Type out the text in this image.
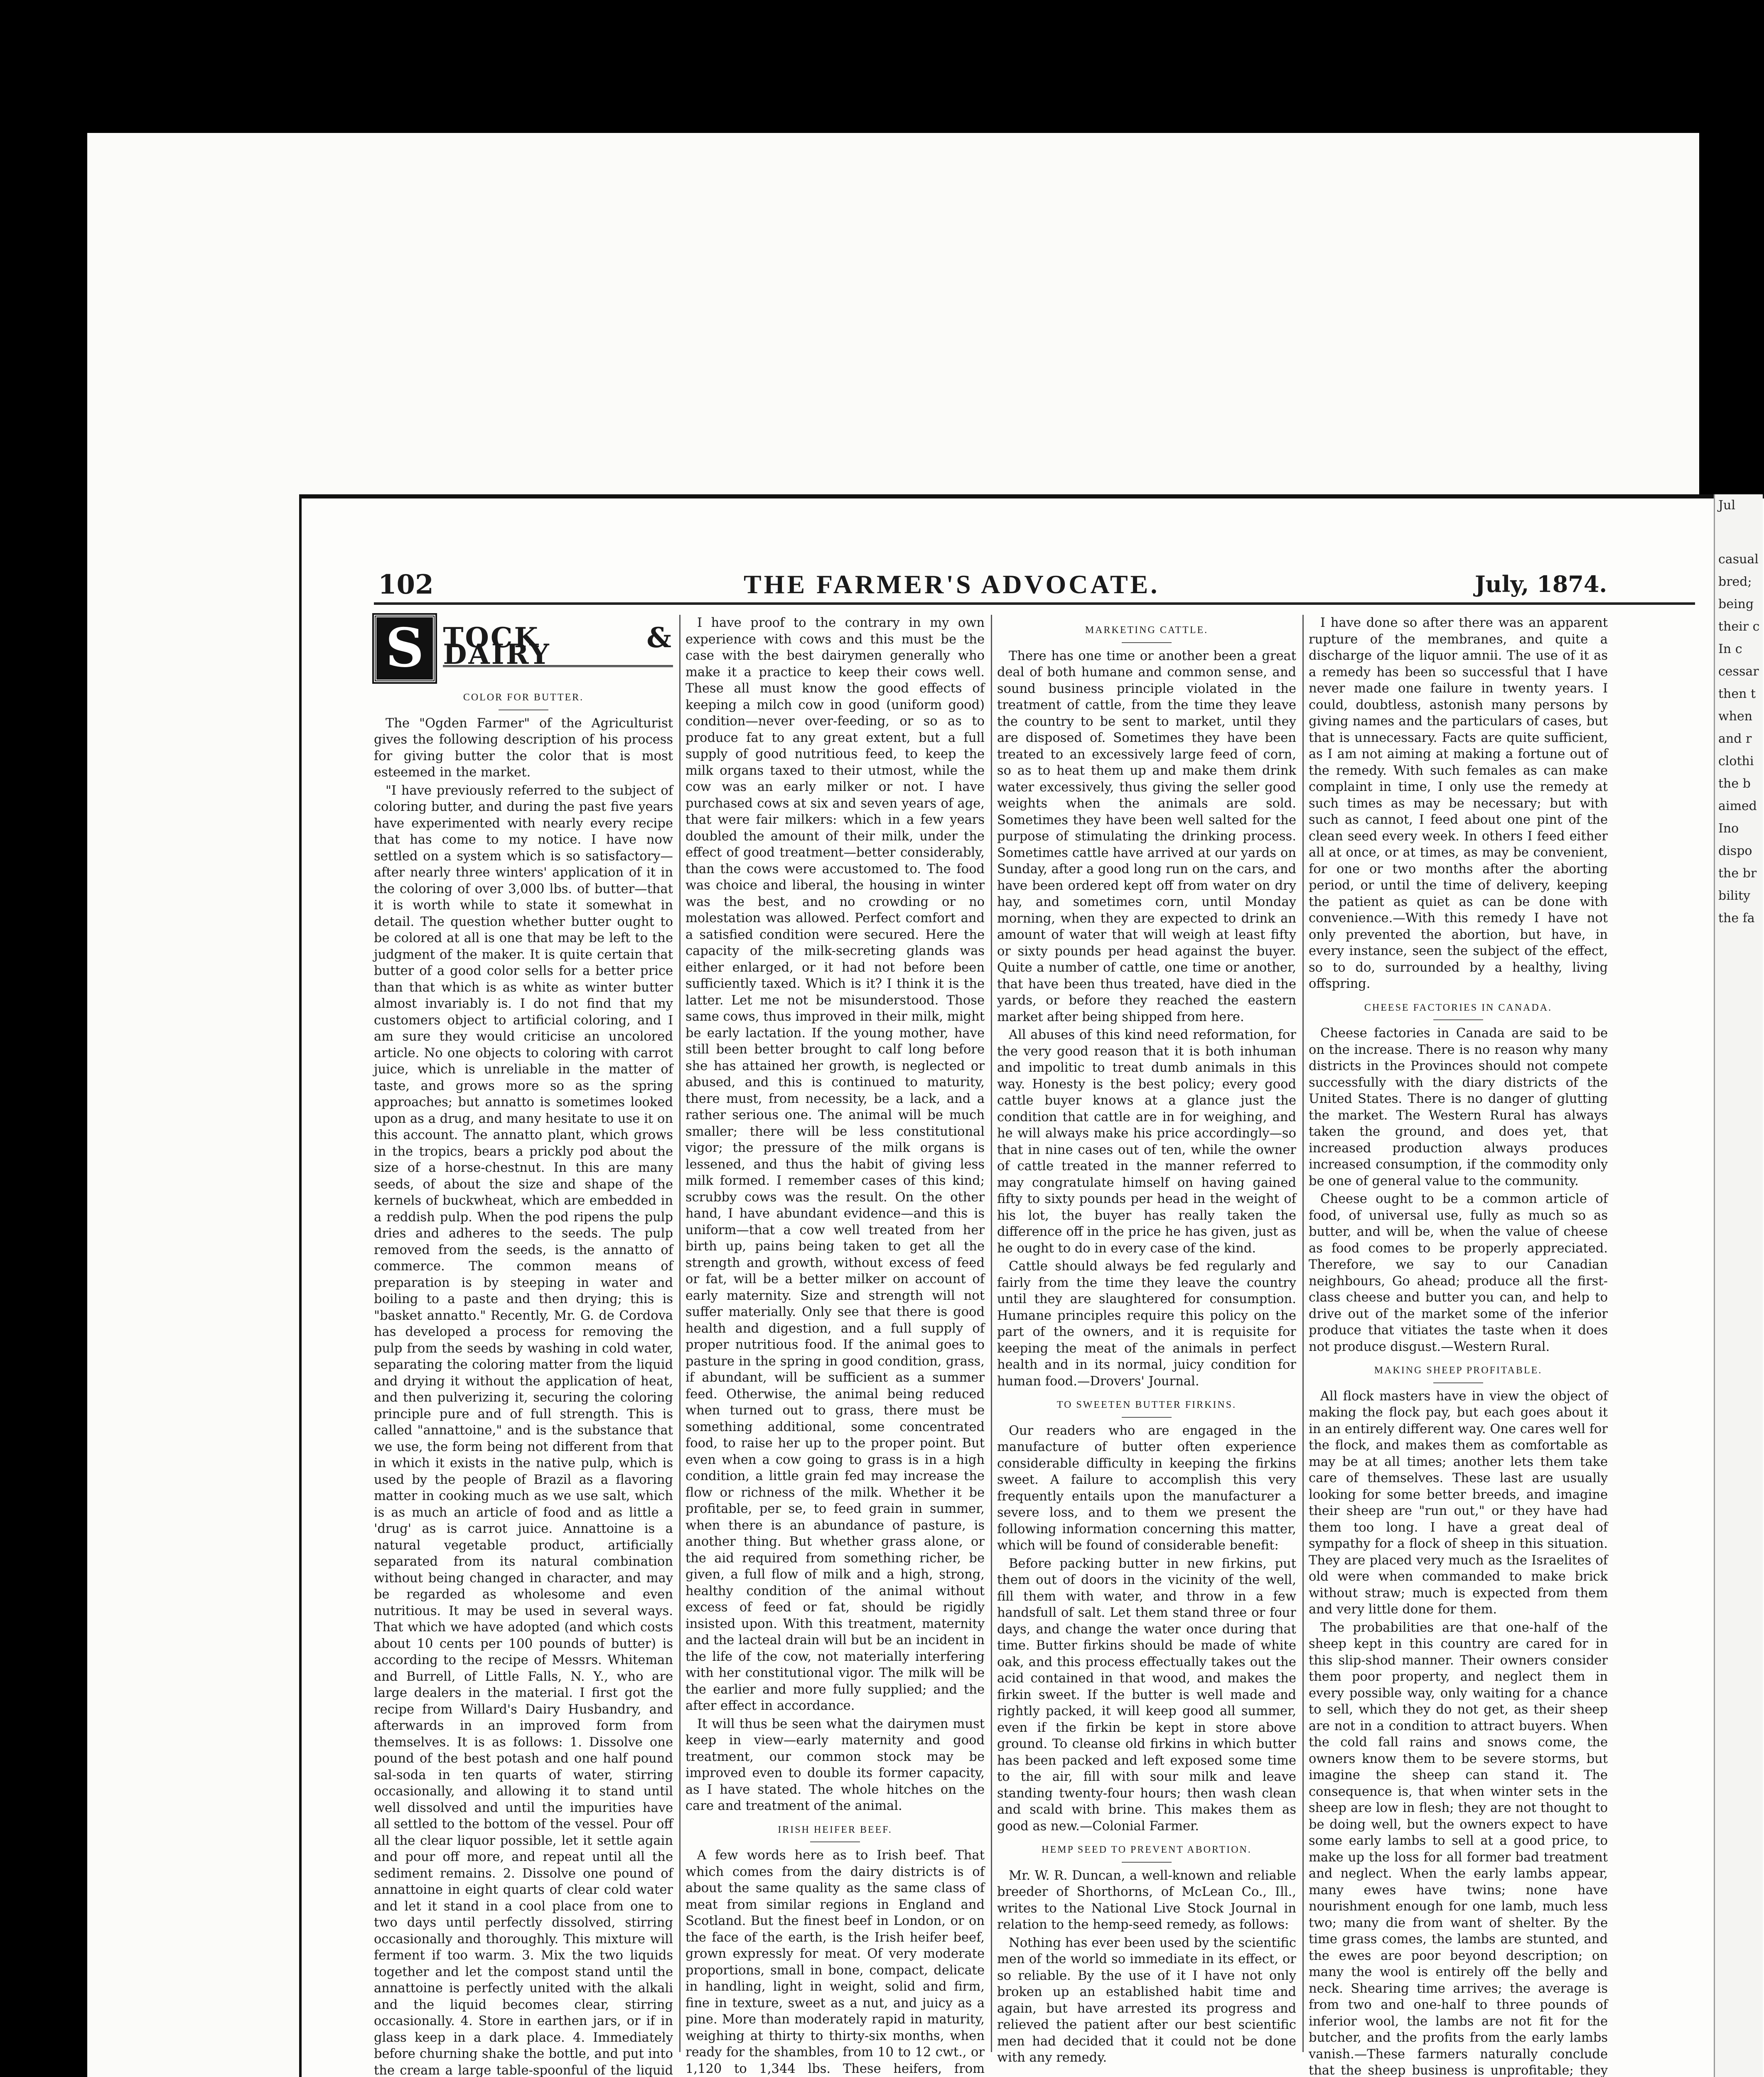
Jul
casual
bred;
being
their c
In c
cessar
then t
when
and r
clothi
the b
aimed
Ino
dispo
the br
bility
the fa
102	THE FARMER'S ADVOCATE.	July, 1874.
S TOCK & DAIRY
COLOR FOR BUTTER.

The "Ogden Farmer" of the Agriculturist gives the following description of his process for giving butter the color that is most esteemed in the market.

"I have previously referred to the subject of coloring butter, and during the past five years have experimented with nearly every recipe that has come to my notice. I have now settled on a system which is so satisfactory—after nearly three winters' application of it in the coloring of over 3,000 lbs. of butter—that it is worth while to state it somewhat in detail. The question whether butter ought to be colored at all is one that may be left to the judgment of the maker. It is quite certain that butter of a good color sells for a better price than that which is as white as winter butter almost invariably is. I do not find that my customers object to artificial coloring, and I am sure they would criticise an uncolored article. No one objects to coloring with carrot juice, which is unreliable in the matter of taste, and grows more so as the spring approaches; but annatto is sometimes looked upon as a drug, and many hesitate to use it on this account. The annatto plant, which grows in the tropics, bears a prickly pod about the size of a horse-chestnut. In this are many seeds, of about the size and shape of the kernels of buckwheat, which are embedded in a reddish pulp. When the pod ripens the pulp dries and adheres to the seeds. The pulp removed from the seeds, is the annatto of commerce. The common means of preparation is by steeping in water and boiling to a paste and then drying; this is "basket annatto." Recently, Mr. G. de Cordova has developed a process for removing the pulp from the seeds by washing in cold water, separating the coloring matter from the liquid and drying it without the application of heat, and then pulverizing it, securing the coloring principle pure and of full strength. This is called "annattoine," and is the substance that we use, the form being not different from that in which it exists in the native pulp, which is used by the people of Brazil as a flavoring matter in cooking much as we use salt, which is as much an article of food and as little a 'drug' as is carrot juice. Annattoine is a natural vegetable product, artificially separated from its natural combination without being changed in character, and may be regarded as wholesome and even nutritious. It may be used in several ways. That which we have adopted (and which costs about 10 cents per 100 pounds of butter) is according to the recipe of Messrs. Whiteman and Burrell, of Little Falls, N. Y., who are large dealers in the material. I first got the recipe from Willard's Dairy Husbandry, and afterwards in an improved form from themselves. It is as follows: 1. Dissolve one pound of the best potash and one half pound sal-soda in ten quarts of water, stirring occasionally, and allowing it to stand until well dissolved and until the impurities have all settled to the bottom of the vessel. Pour off all the clear liquor possible, let it settle again and pour off more, and repeat until all the sediment remains. 2. Dissolve one pound of annattoine in eight quarts of clear cold water and let it stand in a cool place from one to two days until perfectly dissolved, stirring occasionally and thoroughly. This mixture will ferment if too warm. 3. Mix the two liquids together and let the compost stand until the annattoine is perfectly united with the alkali and the liquid becomes clear, stirring occasionally. 4. Store in earthen jars, or if in glass keep in a dark place. 4. Immediately before churning shake the bottle, and put into the cream a large table-spoonful of the liquid

I have proof to the contrary in my own experience with cows and this must be the case with the best dairymen generally who make it a practice to keep their cows well. These all must know the good effects of keeping a milch cow in good (uniform good) condition—never over-feeding, or so as to produce fat to any great extent, but a full supply of good nutritious feed, to keep the milk organs taxed to their utmost, while the cow was an early milker or not. I have purchased cows at six and seven years of age, that were fair milkers: which in a few years doubled the amount of their milk, under the effect of good treatment—better considerably, than the cows were accustomed to. The food was choice and liberal, the housing in winter was the best, and no crowding or no molestation was allowed. Perfect comfort and a satisfied condition were secured. Here the capacity of the milk-secreting glands was either enlarged, or it had not before been sufficiently taxed. Which is it? I think it is the latter. Let me not be misunderstood. Those same cows, thus improved in their milk, might be early lactation. If the young mother, have still been better brought to calf long before she has attained her growth, is neglected or abused, and this is continued to maturity, there must, from necessity, be a lack, and a rather serious one. The animal will be much smaller; there will be less constitutional vigor; the pressure of the milk organs is lessened, and thus the habit of giving less milk formed. I remember cases of this kind; scrubby cows was the result. On the other hand, I have abundant evidence—and this is uniform—that a cow well treated from her birth up, pains being taken to get all the strength and growth, without excess of feed or fat, will be a better milker on account of early maternity. Size and strength will not suffer materially. Only see that there is good health and digestion, and a full supply of proper nutritious food. If the animal goes to pasture in the spring in good condition, grass, if abundant, will be sufficient as a summer feed. Otherwise, the animal being reduced when turned out to grass, there must be something additional, some concentrated food, to raise her up to the proper point. But even when a cow going to grass is in a high condition, a little grain fed may increase the flow or richness of the milk. Whether it be profitable, per se, to feed grain in summer, when there is an abundance of pasture, is another thing. But whether grass alone, or the aid required from something richer, be given, a full flow of milk and a high, strong, healthy condition of the animal without excess of feed or fat, should be rigidly insisted upon. With this treatment, maternity and the lacteal drain will but be an incident in the life of the cow, not materially interfering with her constitutional vigor. The milk will be the earlier and more fully supplied; and the after effect in accordance.

It will thus be seen what the dairymen must keep in view—early maternity and good treatment, our common stock may be improved even to double its former capacity, as I have stated. The whole hitches on the care and treatment of the animal.

IRISH HEIFER BEEF.

A few words here as to Irish beef. That which comes from the dairy districts is of about the same quality as the same class of meat from similar regions in England and Scotland. But the finest beef in London, or on the face of the earth, is the Irish heifer beef, grown expressly for meat. Of very moderate proportions, small in bone, compact, delicate in handling, light in weight, solid and firm, fine in texture, sweet as a nut, and juicy as a pine. More than moderately rapid in maturity, weighing at thirty to thirty-six months, when ready for the shambles, from 10 to 12 cwt., or 1,120 to 1,344 lbs. These heifers, from

MARKETING CATTLE.

There has one time or another been a great deal of both humane and common sense, and sound business principle violated in the treatment of cattle, from the time they leave the country to be sent to market, until they are disposed of. Sometimes they have been treated to an excessively large feed of corn, so as to heat them up and make them drink water excessively, thus giving the seller good weights when the animals are sold. Sometimes they have been well salted for the purpose of stimulating the drinking process. Sometimes cattle have arrived at our yards on Sunday, after a good long run on the cars, and have been ordered kept off from water on dry hay, and sometimes corn, until Monday morning, when they are expected to drink an amount of water that will weigh at least fifty or sixty pounds per head against the buyer. Quite a number of cattle, one time or another, that have been thus treated, have died in the yards, or before they reached the eastern market after being shipped from here.

All abuses of this kind need reformation, for the very good reason that it is both inhuman and impolitic to treat dumb animals in this way. Honesty is the best policy; every good cattle buyer knows at a glance just the condition that cattle are in for weighing, and he will always make his price accordingly—so that in nine cases out of ten, while the owner of cattle treated in the manner referred to may congratulate himself on having gained fifty to sixty pounds per head in the weight of his lot, the buyer has really taken the difference off in the price he has given, just as he ought to do in every case of the kind.

Cattle should always be fed regularly and fairly from the time they leave the country until they are slaughtered for consumption. Humane principles require this policy on the part of the owners, and it is requisite for keeping the meat of the animals in perfect health and in its normal, juicy condition for human food.—Drovers' Journal.

TO SWEETEN BUTTER FIRKINS.

Our readers who are engaged in the manufacture of butter often experience considerable difficulty in keeping the firkins sweet. A failure to accomplish this very frequently entails upon the manufacturer a severe loss, and to them we present the following information concerning this matter, which will be found of considerable benefit:

Before packing butter in new firkins, put them out of doors in the vicinity of the well, fill them with water, and throw in a few handsfull of salt. Let them stand three or four days, and change the water once during that time. Butter firkins should be made of white oak, and this process effectually takes out the acid contained in that wood, and makes the firkin sweet. If the butter is well made and rightly packed, it will keep good all summer, even if the firkin be kept in store above ground. To cleanse old firkins in which butter has been packed and left exposed some time to the air, fill with sour milk and leave standing twenty-four hours; then wash clean and scald with brine. This makes them as good as new.—Colonial Farmer.

HEMP SEED TO PREVENT ABORTION.

Mr. W. R. Duncan, a well-known and reliable breeder of Shorthorns, of McLean Co., Ill., writes to the National Live Stock Journal in relation to the hemp-seed remedy, as follows:

Nothing has ever been used by the scientific men of the world so immediate in its effect, or so reliable. By the use of it I have not only broken up an established habit time and again, but have arrested its progress and relieved the patient after our best scientific men had decided that it could not be done with any remedy.

I have done so after there was an apparent rupture of the membranes, and quite a discharge of the liquor amnii. The use of it as a remedy has been so successful that I have never made one failure in twenty years. I could, doubtless, astonish many persons by giving names and the particulars of cases, but that is unnecessary. Facts are quite sufficient, as I am not aiming at making a fortune out of the remedy. With such females as can make complaint in time, I only use the remedy at such times as may be necessary; but with such as cannot, I feed about one pint of the clean seed every week. In others I feed either all at once, or at times, as may be convenient, for one or two months after the aborting period, or until the time of delivery, keeping the patient as quiet as can be done with convenience.—With this remedy I have not only prevented the abortion, but have, in every instance, seen the subject of the effect, so to do, surrounded by a healthy, living offspring.

CHEESE FACTORIES IN CANADA.

Cheese factories in Canada are said to be on the increase. There is no reason why many districts in the Provinces should not compete successfully with the diary districts of the United States. There is no danger of glutting the market. The Western Rural has always taken the ground, and does yet, that increased production always produces increased consumption, if the commodity only be one of general value to the community.

Cheese ought to be a common article of food, of universal use, fully as much so as butter, and will be, when the value of cheese as food comes to be properly appreciated. Therefore, we say to our Canadian neighbours, Go ahead; produce all the first-class cheese and butter you can, and help to drive out of the market some of the inferior produce that vitiates the taste when it does not produce disgust.—Western Rural.

MAKING SHEEP PROFITABLE.

All flock masters have in view the object of making the flock pay, but each goes about it in an entirely different way. One cares well for the flock, and makes them as comfortable as may be at all times; another lets them take care of themselves. These last are usually looking for some better breeds, and imagine their sheep are "run out," or they have had them too long. I have a great deal of sympathy for a flock of sheep in this situation. They are placed very much as the Israelites of old were when commanded to make brick without straw; much is expected from them and very little done for them.

The probabilities are that one-half of the sheep kept in this country are cared for in this slip-shod manner. Their owners consider them poor property, and neglect them in every possible way, only waiting for a chance to sell, which they do not get, as their sheep are not in a condition to attract buyers. When the cold fall rains and snows come, the owners know them to be severe storms, but imagine the sheep can stand it. The consequence is, that when winter sets in the sheep are low in flesh; they are not thought to be doing well, but the owners expect to have some early lambs to sell at a good price, to make up the loss for all former bad treatment and neglect. When the early lambs appear, many ewes have twins; none have nourishment enough for one lamb, much less two; many die from want of shelter. By the time grass comes, the lambs are stunted, and the ewes are poor beyond description; on many the wool is entirely off the belly and neck. Shearing time arrives; the average is from two and one-half to three pounds of inferior wool, the lambs are not fit for the butcher, and the profits from the early lambs vanish.—These farmers naturally conclude that the sheep business is unprofitable; they
